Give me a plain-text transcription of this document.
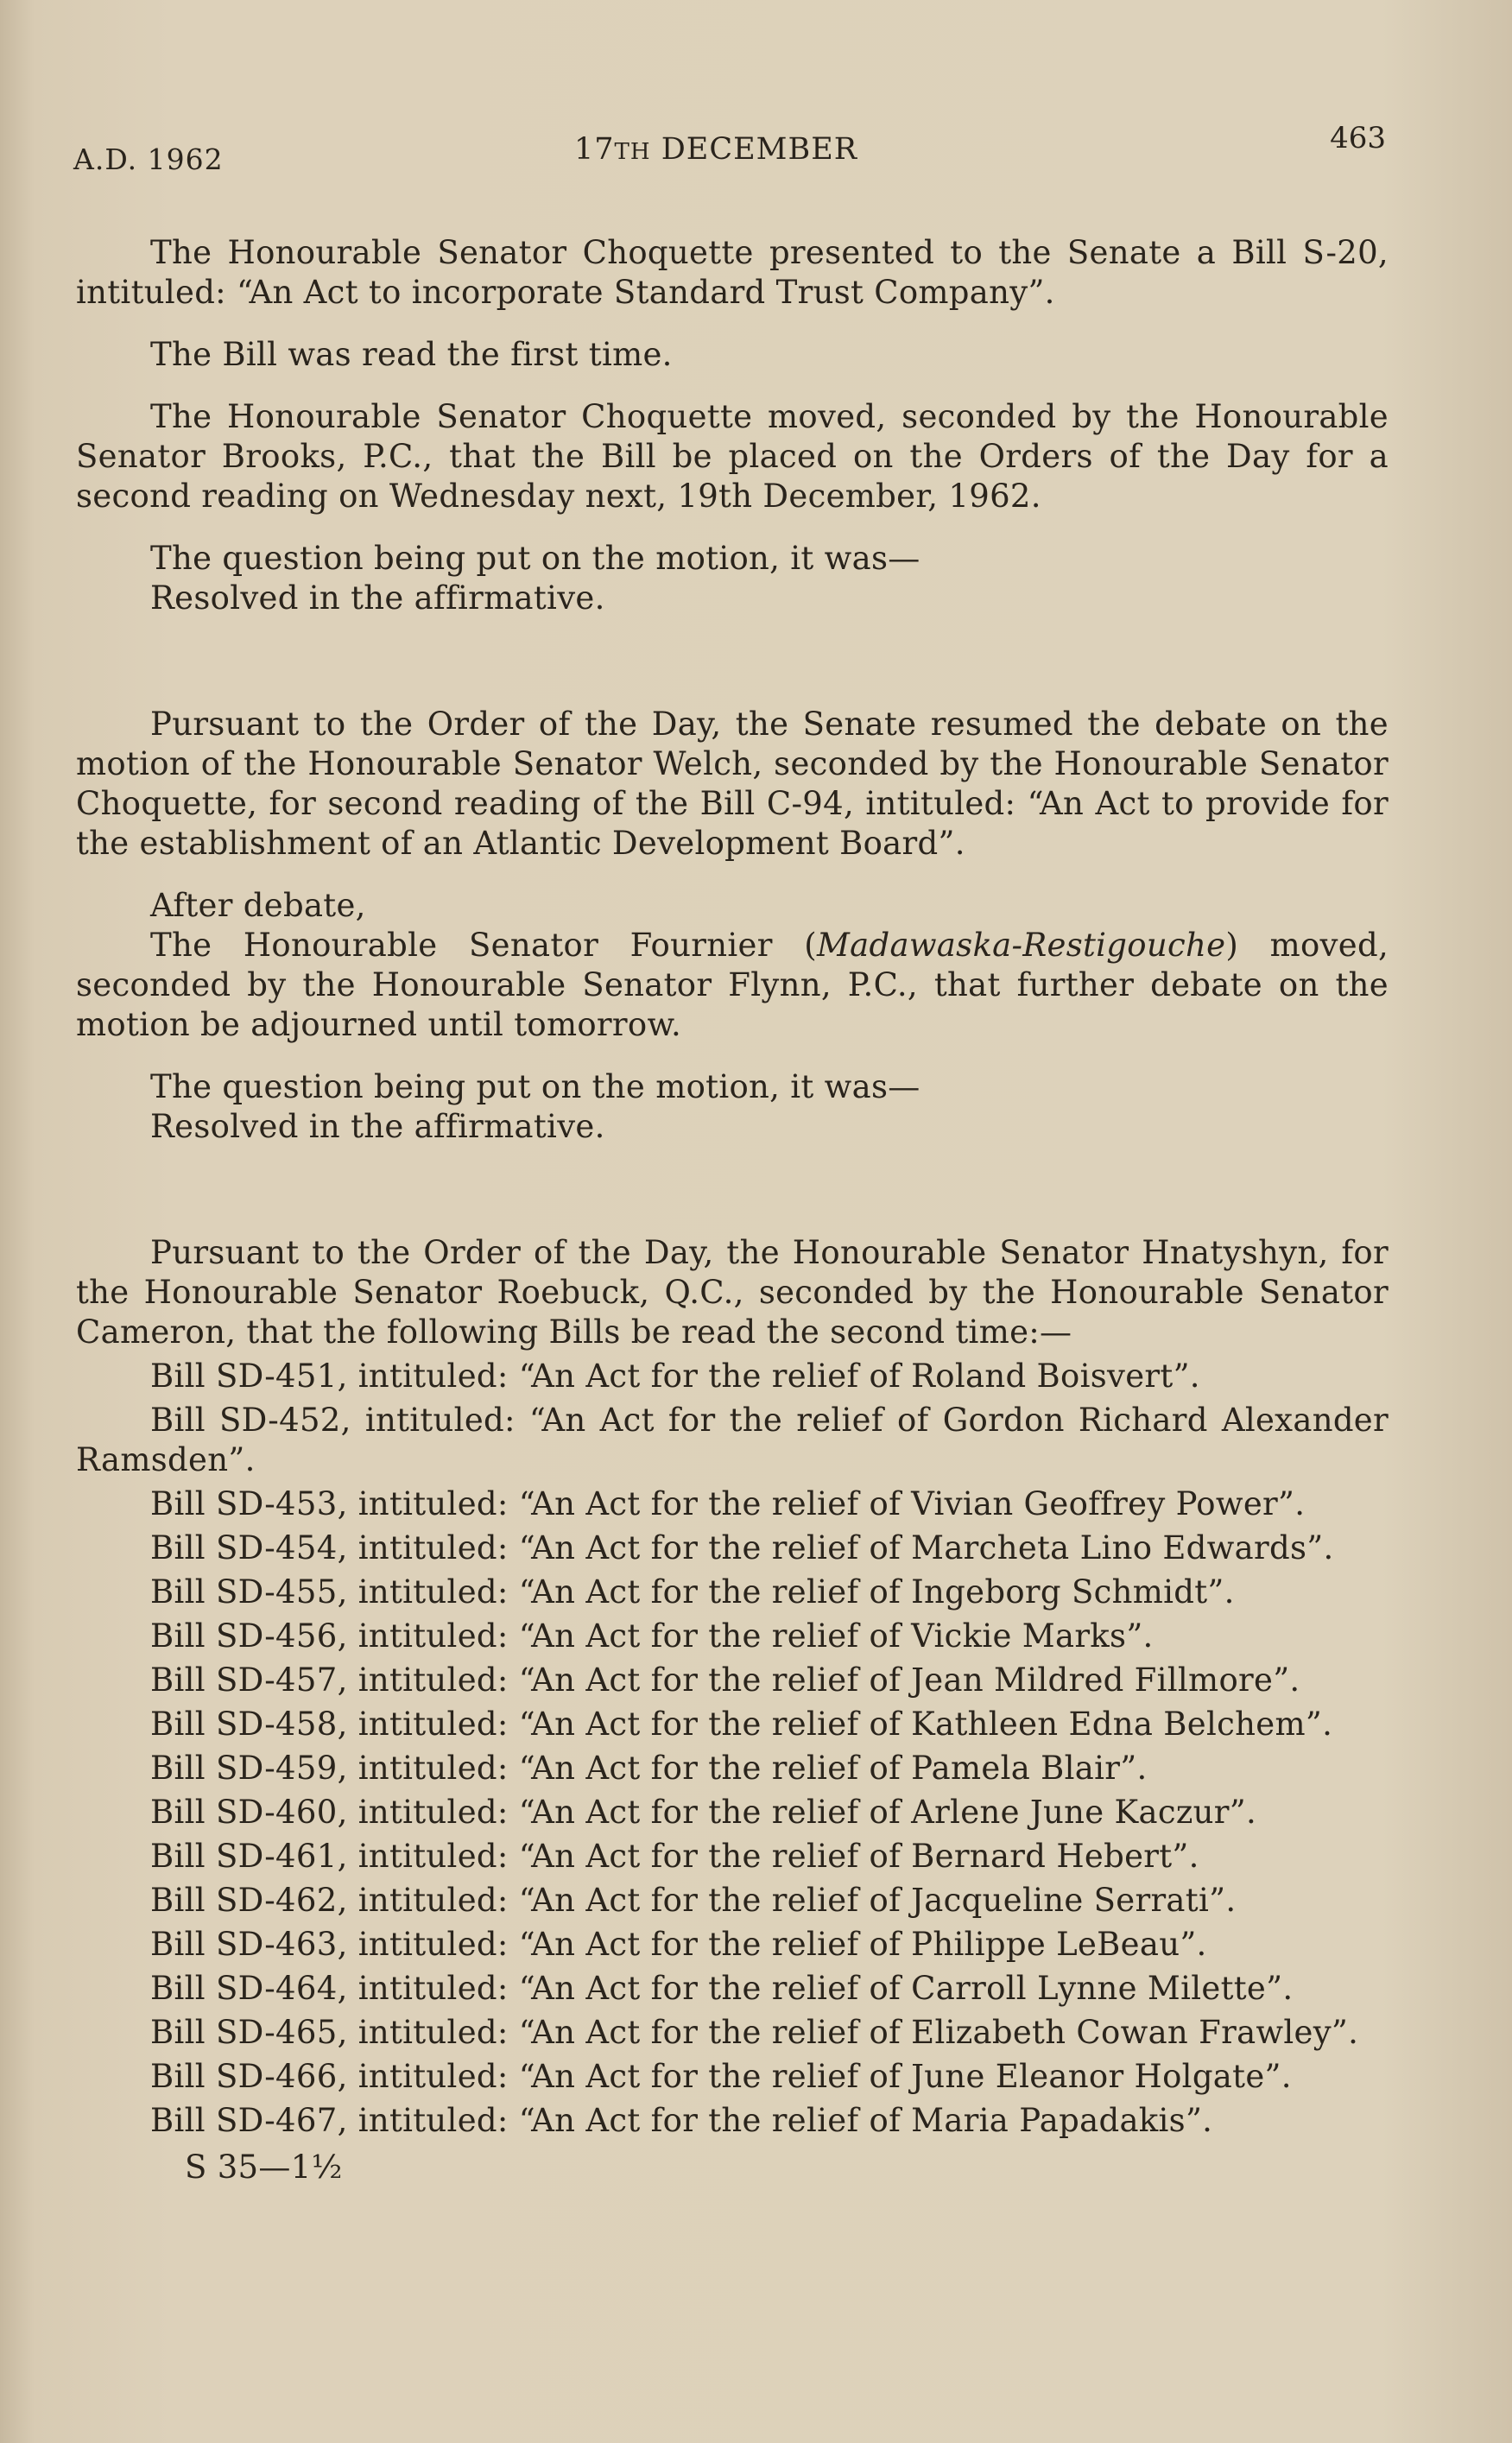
A.D. 1962	17TH DECEMBER	463

The Honourable Senator Choquette presented to the Senate a Bill S-20, intituled: “An Act to incorporate Standard Trust Company”.

The Bill was read the first time.

The Honourable Senator Choquette moved, seconded by the Honourable Senator Brooks, P.C., that the Bill be placed on the Orders of the Day for a second reading on Wednesday next, 19th December, 1962.

The question being put on the motion, it was—

Resolved in the affirmative.

Pursuant to the Order of the Day, the Senate resumed the debate on the motion of the Honourable Senator Welch, seconded by the Honourable Senator Choquette, for second reading of the Bill C-94, intituled: “An Act to provide for the establishment of an Atlantic Development Board”.

After debate,

The Honourable Senator Fournier (Madawaska-Restigouche) moved, seconded by the Honourable Senator Flynn, P.C., that further debate on the motion be adjourned until tomorrow.

The question being put on the motion, it was—

Resolved in the affirmative.

Pursuant to the Order of the Day, the Honourable Senator Hnatyshyn, for the Honourable Senator Roebuck, Q.C., seconded by the Honourable Senator Cameron, that the following Bills be read the second time:—

Bill SD-451, intituled: “An Act for the relief of Roland Boisvert”.

Bill SD-452, intituled: “An Act for the relief of Gordon Richard Alexander Ramsden”.

Bill SD-453, intituled: “An Act for the relief of Vivian Geoffrey Power”.

Bill SD-454, intituled: “An Act for the relief of Marcheta Lino Edwards”.

Bill SD-455, intituled: “An Act for the relief of Ingeborg Schmidt”.

Bill SD-456, intituled: “An Act for the relief of Vickie Marks”.

Bill SD-457, intituled: “An Act for the relief of Jean Mildred Fillmore”.

Bill SD-458, intituled: “An Act for the relief of Kathleen Edna Belchem”.

Bill SD-459, intituled: “An Act for the relief of Pamela Blair”.

Bill SD-460, intituled: “An Act for the relief of Arlene June Kaczur”.

Bill SD-461, intituled: “An Act for the relief of Bernard Hebert”.

Bill SD-462, intituled: “An Act for the relief of Jacqueline Serrati”.

Bill SD-463, intituled: “An Act for the relief of Philippe LeBeau”.

Bill SD-464, intituled: “An Act for the relief of Carroll Lynne Milette”.

Bill SD-465, intituled: “An Act for the relief of Elizabeth Cowan Frawley”.

Bill SD-466, intituled: “An Act for the relief of June Eleanor Holgate”.

Bill SD-467, intituled: “An Act for the relief of Maria Papadakis”.

S 35—1½
